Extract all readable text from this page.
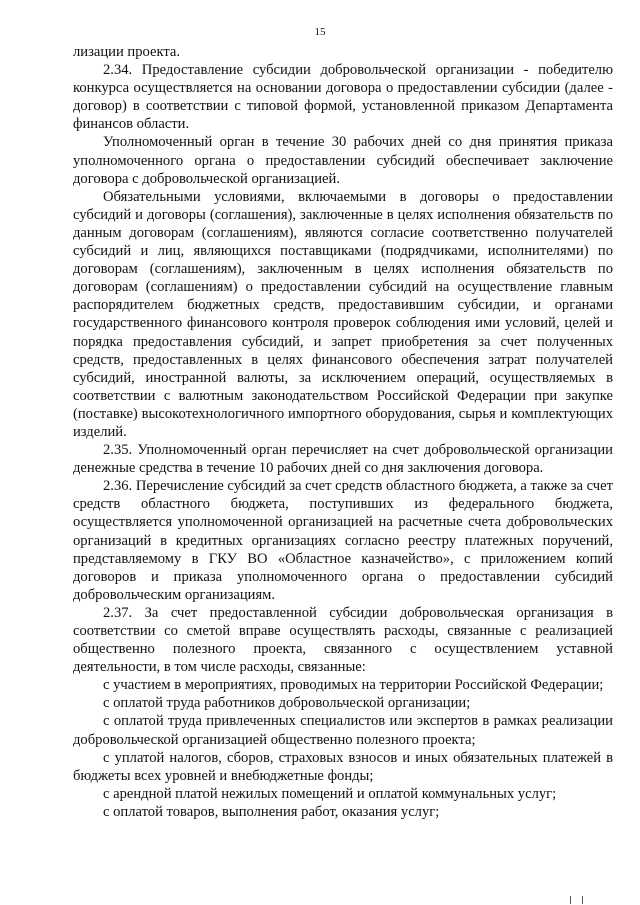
15

лизации проекта.

2.34. Предоставление субсидии добровольческой организации - победителю конкурса осуществляется на основании договора о предоставлении субсидии (далее - договор) в соответствии с типовой формой, установленной приказом Департамента финансов области.

Уполномоченный орган в течение 30 рабочих дней со дня принятия приказа уполномоченного органа о предоставлении субсидий обеспечивает заключение договора с добровольческой организацией.

Обязательными условиями, включаемыми в договоры о предоставлении субсидий и договоры (соглашения), заключенные в целях исполнения обязательств по данным договорам (соглашениям), являются согласие соответственно получателей субсидий и лиц, являющихся поставщиками (подрядчиками, исполнителями) по договорам (соглашениям), заключенным в целях исполнения обязательств по договорам (соглашениям) о предоставлении субсидий на осуществление главным распорядителем бюджетных средств, предоставившим субсидии, и органами государственного финансового контроля проверок соблюдения ими условий, целей и порядка предоставления субсидий, и запрет приобретения за счет полученных средств, предоставленных в целях финансового обеспечения затрат получателей субсидий, иностранной валюты, за исключением операций, осуществляемых в соответствии с валютным законодательством Российской Федерации при закупке (поставке) высокотехнологичного импортного оборудования, сырья и комплектующих изделий.

2.35. Уполномоченный орган перечисляет на счет добровольческой организации денежные средства в течение 10 рабочих дней со дня заключения договора.

2.36. Перечисление субсидий за счет средств областного бюджета, а также за счет средств областного бюджета, поступивших из федерального бюджета, осуществляется уполномоченной организацией на расчетные счета добровольческих организаций в кредитных организациях согласно реестру платежных поручений, представляемому в ГКУ ВО «Областное казначейство», с приложением копий договоров и приказа уполномоченного органа о предоставлении субсидий добровольческим организациям.

2.37. За счет предоставленной субсидии добровольческая организация в соответствии со сметой вправе осуществлять расходы, связанные с реализацией общественно полезного проекта, связанного с осуществлением уставной деятельности, в том числе расходы, связанные:

с участием в мероприятиях, проводимых на территории Российской Федерации;

с оплатой труда работников добровольческой организации;

с оплатой труда привлеченных специалистов или экспертов в рамках реализации добровольческой организацией общественно полезного проекта;

с уплатой налогов, сборов, страховых взносов и иных обязательных платежей в бюджеты всех уровней и внебюджетные фонды;

с арендной платой нежилых помещений и оплатой коммунальных услуг;

с оплатой товаров, выполнения работ, оказания услуг;
